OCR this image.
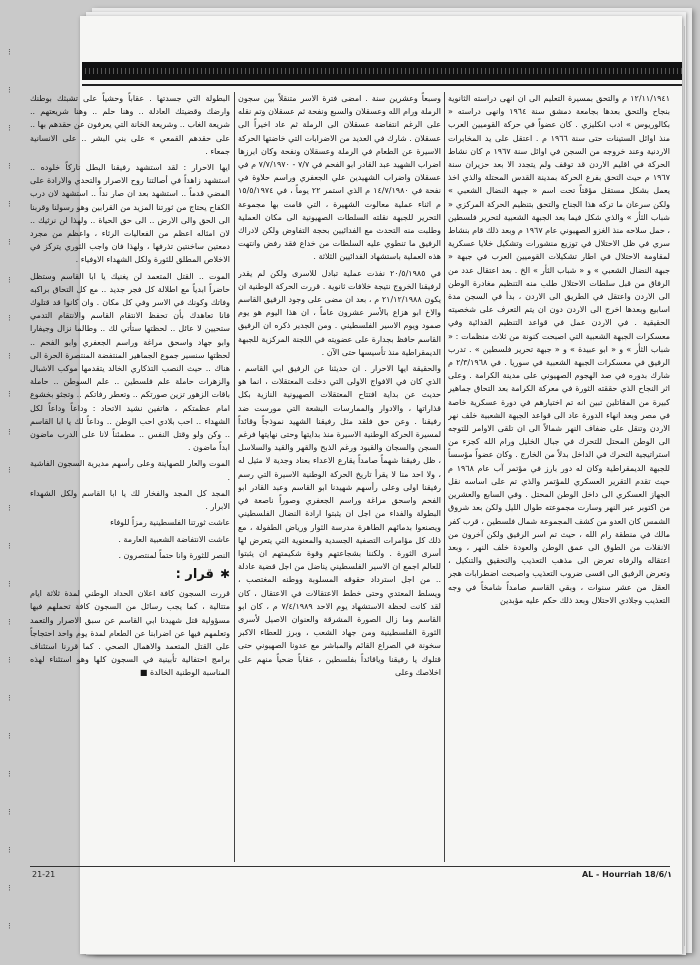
⁝
⁝
⁝
⁝
⁝
⁝
⁝
⁝
⁝
⁝
⁝
⁝
⁝
⁝
⁝
⁝
⁝
⁝
⁝
⁝
⁝
⁝
⁝
⁝

١٢/١١/١٩٤١ م والتحق بمسيرة التعليم الى ان انهى دراسته الثانوية بنجاح والتحق بعدها بجامعة دمشق سنة ١٩٦٤ وانهى دراسته « بكالوريوس » ادب انكليزي . كان عضواً في حركة القوميين العرب منذ اوائل الستينات حتى سنة ١٩٦٦ م . اعتقل على يد المخابرات الاردنية وعند خروجه من السجن في اوائل سنة ١٩٦٧ م كان نشاط الحركة في اقليم الاردن قد توقف ولم يتجدد الا بعد حزيران سنة ١٩٦٧ م حيث التحق بفرع الحركة بمدينة القدس المحتلة والذي اخذ يعمل بشكل مستقل مؤقتاً تحت اسم « جبهة النضال الشعبي » ولكن سرعان ما تركه هذا الجناح والتحق بتنظيم الحركة المركزي « شباب الثأر » والذي شكل فيما بعد الجبهة الشعبية لتحرير فلسطين ، حمل سلاحه منذ الغزو الصهيوني عام ١٩٦٧ م وبعد ذلك قام بنشاط سري في ظل الاحتلال في توزيع منشورات وتشكيل خلايا عسكرية لمقاومة الاحتلال في اطار تشكيلات القوميين العرب في جبهة « جبهة النضال الشعبي » و « شباب الثأر » الخ . بعد اعتقال عدد من الرفاق من قبل سلطات الاحتلال طلب منه التنظيم مغادرة الوطن الى الاردن واعتقل في الطريق الى الاردن ، بدأ في السجن مدة اسابيع وبعدها اخرج الى الاردن دون ان يتم التعرف على شخصيته الحقيقية . في الاردن عمل في قواعد التنظيم الفدائية وفي معسكرات الجبهة الشعبية التي اصبحت كنونة من ثلاث منظمات : « شباب الثأر » و « ابو عبيدة » و « جبهة تحرير فلسطين » . تدرب الرفيق في معسكرات الجبهة الشعبية في سوريا . في ٢/٣/١٩٦٨ م شارك بدوره في صد الهجوم الصهيوني على مدينة الكرامة . وعلى اثر النجاح الذي حققته الثورة في معركة الكرامة بعد التحاق جماهير كبيرة من المقاتلين تبين انه تم اختيارهم في دورة عسكرية خاصة في مصر وبعد انهاء الدورة عاد الى قواعد الجبهة الشعبية خلف نهر الاردن وتنقل على ضفاف النهر شمالاً الى ان تلقى الاوامر للتوجه الى الوطن المحتل للتحرك في جبال الخليل ورام الله كجزء من استراتيجية التحرك في الداخل بدلاً من الخارج . وكان عضواً مؤسساً للجبهة الديمقراطية وكان له دور بارز في مؤتمر آب عام ١٩٦٨ م حيث تقدم التقرير العسكري للمؤتمر والذي تم على اساسه نقل الجهاز العسكري الى داخل الوطن المحتل . وفي السابع والعشرين من اكتوبر عبر النهر وسارت مجموعته طوال الليل ولكن بعد شروق الشمس كان العدو من كشف المجموعة شمال فلسطين ، قرب كفر مالك في منطقة رام الله ، حيث تم اسر الرفيق ولكن آخرون من الانقلات من الطوق الى عمق الوطن والعودة خلف النهر ، وبعد اعتقاله والرفاه تعرض الى مذهب التعذيب والتحقيق والتنكيل ، وتعرض الرفيق الى اقسى ضروب التعذيب واصبحت اضطرابات هجر العقل من عشر سنوات ، وبقي القاسم صامداً شامخاً في وجه التعذيب وجلادي الاحتلال وبعد ذلك حكم عليه مؤبدين

وسبعاً وعشرين سنة . امضى فترة الاسر متنقلاً بين سجون الرملة ورام الله وعسقلان والسبع ونفحة ثم عسقلان وتم نقله على الرغم انتفاضة عسقلان الى الرملة ثم عاد اخيراً الى عسقلان . شارك في العديد من الاضرابات التي خاضتها الحركة الاسيرة عن الطعام في الرملة وعسقلان ونفحة وكان ابرزها اضراب الشهيد عبد القادر ابو الفحم في ٧/٧ - ٧/٧/١٩٧٠ م في عسقلان واضراب الشهيدين علي الجعفري وراسم حلاوة في نفحة في ١٤/٧/١٩٨٠ م الذي استمر ٢٢ يوماً ، في ١٥/٥/١٩٧٤ م اثناء عملية معالوت الشهيرة ، التي قامت بها مجموعة التحرير للجبهة نقلته السلطات الصهيونية الى مكان العملية وطلبت منه التحدث مع الفدائيين بحجة التفاوض ولكن لادراك الرفيق ما تنطوي عليه السلطات من خداع فقد رفض وانتهت هذه العملية باستشهاد الفدائيين الثلاثة .

في ٢٠/٥/١٩٨٥ نفذت عملية تبادل للاسرى ولكن لم يقدر لرفيقنا الخروج نتيجة خلافات ثانوية . قررت الحركة الوطنية ان يكون ٢١/١٢/١٩٨٨ م ، بعد ان مضى على وجود الرفيق القاسم والاخ ابو هزاع بالأسر عشرون عاماً ، ان هذا اليوم هو يوم صمود ويوم الاسير الفلسطيني . ومن الجدير ذكره ان الرفيق القاسم حافظ بجدارة على عضويته في اللجنة المركزية للجبهة الديمقراطية منذ تأسيسها حتى الآن .

والحقيقة ايها الاحرار . ان حديثنا عن الرفيق ابي القاسم ، الذي كان في الافواج الاولى التي دخلت المعتقلات ، انما هو حديث عن بداية افتتاح المعتقلات الصهيونية النازية بكل قذاراتها ، والادوار والممارسات البشعة التي مورست ضد رفيقنا . وعن حق فلقد مثل رفيقنا الشهيد نموذجاً وقائداً لمسيرة الحركة الوطنية الاسيرة منذ بدايتها وحتى نهايتها فرغم السجن والسجان والقيود ورغم الذبح والقهر والقيد والسلاسل ، ظل رفيقنا شهماً صامداً يقارع الاعداء بعناد وجدية لا مثيل له ، ولا احد منا لا يقرأ تاريخ الحركة الوطنية الاسيرة التي رسم رفيقنا اولى وعلى رأسهم شهيدنا ابو القاسم وعبد القادر ابو الفحم واسحق مراغة وراسم الجعفري وصوراً ناصعة في البطولة والفداء من اجل ان يثبتوا ارادة النضال الفلسطيني ويصنعوا بدمائهم الطاهرة مدرسة الثوار ورياض الطفولة ، مع ذلك كل مؤامرات التصفية الجسدية والمعنوية التي يتعرض لها أسرى الثورة . ولكننا بشجاعتهم وقوة شكيمتهم ان يثبتوا للعالم اجمع ان الاسير الفلسطيني يناضل من اجل قضية عادلة .. من اجل استرداد حقوقه المسلوبة ووطنه المغتصب ، ويسلط المعتدي وحتى خطط الاعتقالات في الاعتقال ، كان لقد كانت لحظة الاستشهاد يوم الاحد ٧/٤/١٩٨٩ م ، كان ابو القاسم وما زال الصورة المشرقة والعنوان الاصيل لأسرى الثورة الفلسطينية ومن جهاد الشعب ، وبرز للعطاء الاكبر سخونة في الصراع القائم والمباشر مع عدونا الصهيوني حتى قتلوك يا رفيقنا وياقائداً بفلسطين ، عقاباً ضحياً منهم على اخلاصك وعلى

البطولة التي جسدتها . عقاباً وحشياً على تشبثك بوطنك وارضك وقضيتك العادلة .. وهنا حلم .. وهنا شريعتهم .. شريعة الغاب .. وشريعة الخانة التي يعرفون عن حقدهم بها .. على حقدهم القمعي » على بني البشر .. على الانسانية جمعاء .

ايها الاحرار : لقد استشهد رفيقنا البطل تاركاً خلوده .. استشهد زاهداً في أصالتنا روح الاصرار والتحدي والارادة على المضي قدماً .. استشهد بعد ان صار نداً .. استشهد لان درب الكفاح يحتاج من ثورتنا المزيد من القرابين وهو رسولنا وقربنا الى الحق والى الارض .. الى حق الحياة .. ولهذا لن نرثيك .. لان امثاله اعظم من الفعاليات الرثاء ، واعظم من مجرد دمعتين ساخنتين تذرفها ، ولهذا فان واجب الثوري يتركز في الاخلاص المطلق للثورة ولكل الشهداء الاوفياء .

الموت .. القتل المتعمد لن يغنيك يا ابا القاسم وستظل حاضراً ابدياً مع اطلالة كل فجر جديد .. مع كل التحاق براكبه وفاتك وكونك في الاسر وفي كل مكان . وان كانوا قد قتلوك فانا تعاهدك بأن تحفظ الانتقام القاسم والانتقام التدمي ستحيين لا عائل .. لحظتها ستأتي لك .. وطالما نزال وجيفارا وابو جهاد واسحق مراغة وراسم الجعفري وابو الفحم .. لحظتها سنسير جموع الجماهير المنتفضة المنتصرة الحرة الى هناك .. حيث النصب التذكاري الخالد يتقدمها موكب الاشبال والزهرات حاملة علم فلسطين .. علم السوطن .. حاملة باقات الزهور تزين صورتكم .. وتعطر رفاتكم .. وتجثو بخشوع امام عظمتكم ، هاتفين نشيد الاتحاد : وداعاً وداعاً لكل الشهداء .. احب بلادي احب الوطن .. وداعاً لك يا ابا القاسم .. وكن ولو وقتل النفس .. مطمئناً لانا على الدرب ماضون ابداً ماضون .

الموت والعار للصهاينة وعلى رأسهم مديرية السجون الفاشية .

المجد كل المجد والفخار لك يا ابا القاسم ولكل الشهداء الابرار .

عاشت ثورتنا الفلسطينية رمزاً للوفاء

عاشت الانتفاضة الشعبية العارمة .

النصر للثورة وانا حتماً لمنتصرون .

✱قرار :

قررت السجون كافة اعلان الحداد الوطني لمدة ثلاثة ايام متتالية ، كما يجب رسائل من السجون كافة تحملهم فيها مسؤولية قتل شهيدنا ابي القاسم عن سبق الاصرار والتعمد وتعلمهم فيها عن اضرابنا عن الطعام لمدة يوم واحد احتجاجاً على القتل المتعمد والاهمال الصحي . كما قررنا استئناف برامج احتفالية تأبينية في السجون كلها وهو استئناء لهذه المناسبة الوطنية الخالدة ■

21-21	AL - Hourriah 18/6/١
